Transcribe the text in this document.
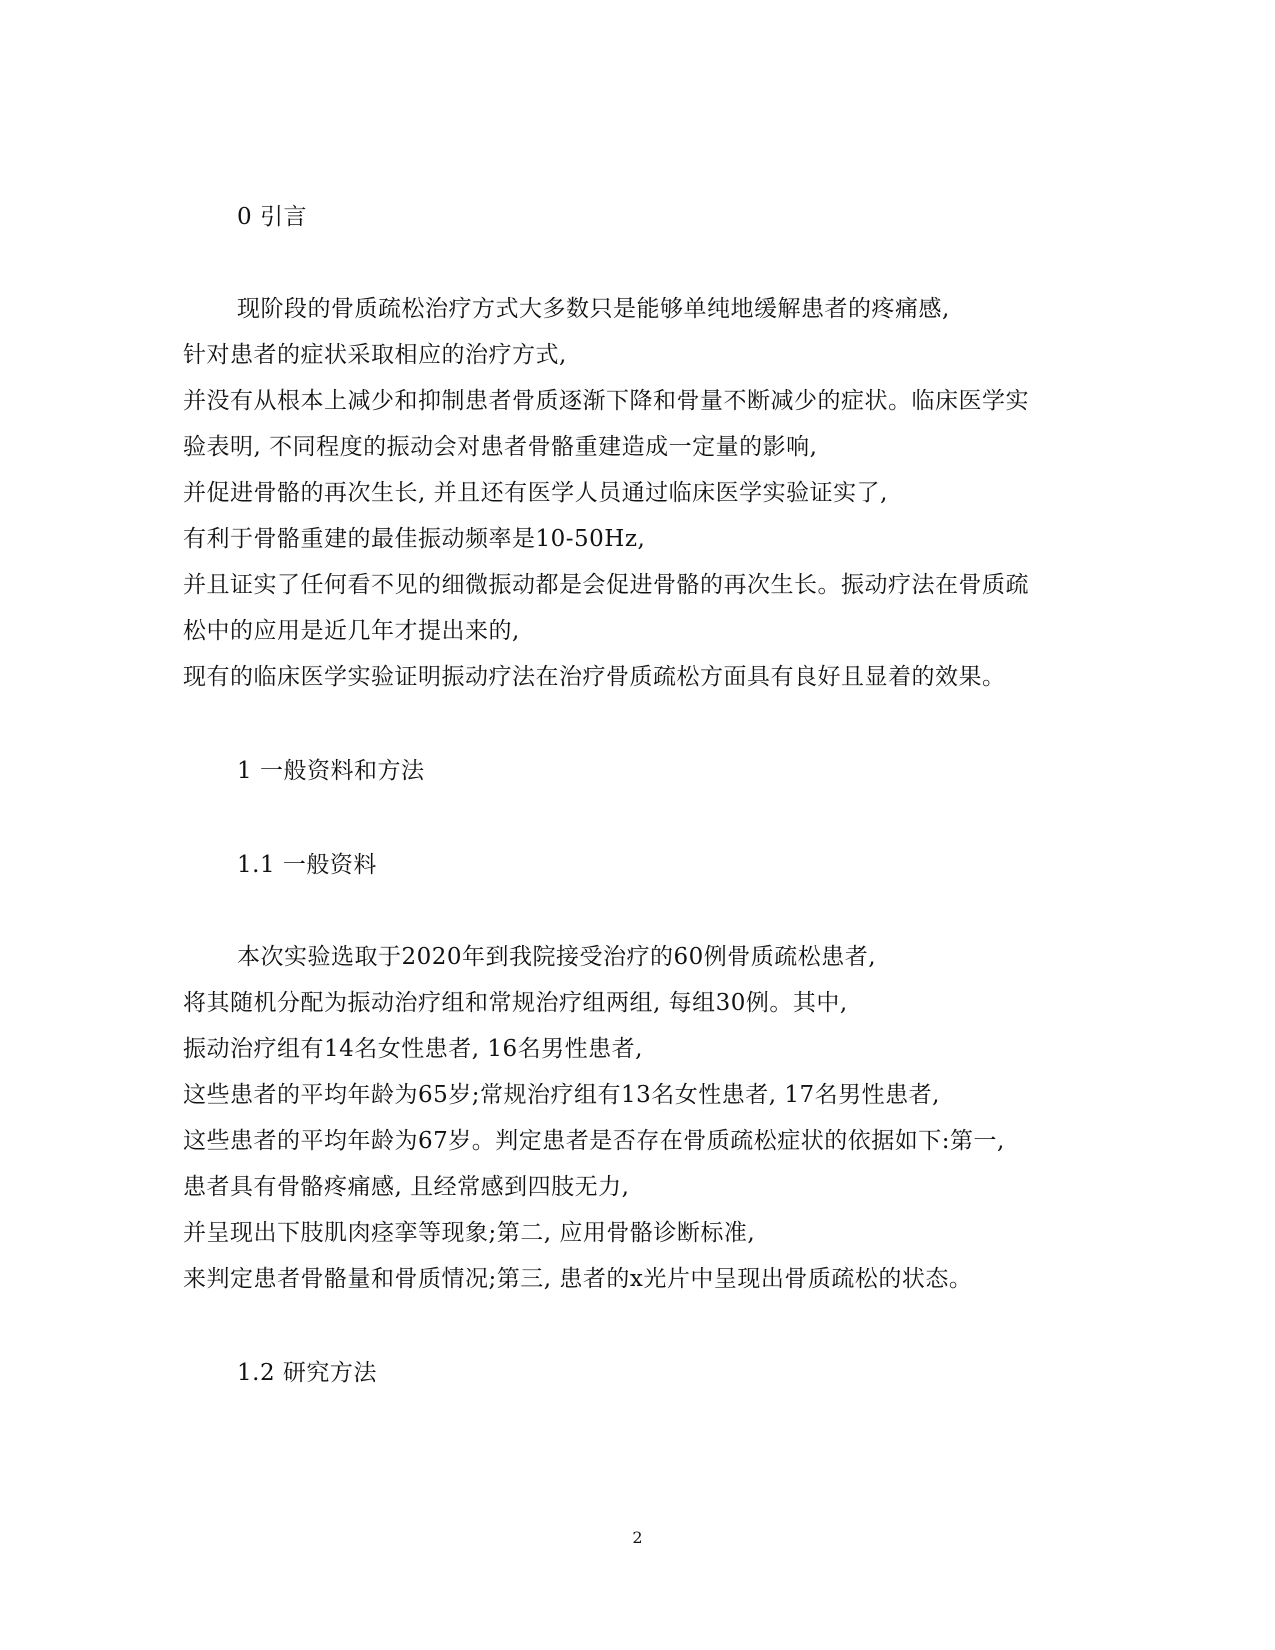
0 引言
现阶段的骨质疏松治疗方式大多数只是能够单纯地缓解患者的疼痛感,
针对患者的症状采取相应的治疗方式,
并没有从根本上减少和抑制患者骨质逐渐下降和骨量不断减少的症状。临床医学实
验表明, 不同程度的振动会对患者骨骼重建造成一定量的影响,
并促进骨骼的再次生长, 并且还有医学人员通过临床医学实验证实了,
有利于骨骼重建的最佳振动频率是10-50Hz,
并且证实了任何看不见的细微振动都是会促进骨骼的再次生长。振动疗法在骨质疏
松中的应用是近几年才提出来的,
现有的临床医学实验证明振动疗法在治疗骨质疏松方面具有良好且显着的效果。
1 一般资料和方法
1.1 一般资料
本次实验选取于2020年到我院接受治疗的60例骨质疏松患者,
将其随机分配为振动治疗组和常规治疗组两组, 每组30例。其中,
振动治疗组有14名女性患者, 16名男性患者,
这些患者的平均年龄为65岁;常规治疗组有13名女性患者, 17名男性患者,
这些患者的平均年龄为67岁。判定患者是否存在骨质疏松症状的依据如下:第一,
患者具有骨骼疼痛感, 且经常感到四肢无力,
并呈现出下肢肌肉痉挛等现象;第二, 应用骨骼诊断标准,
来判定患者骨骼量和骨质情况;第三, 患者的x光片中呈现出骨质疏松的状态。
1.2 研究方法
2
